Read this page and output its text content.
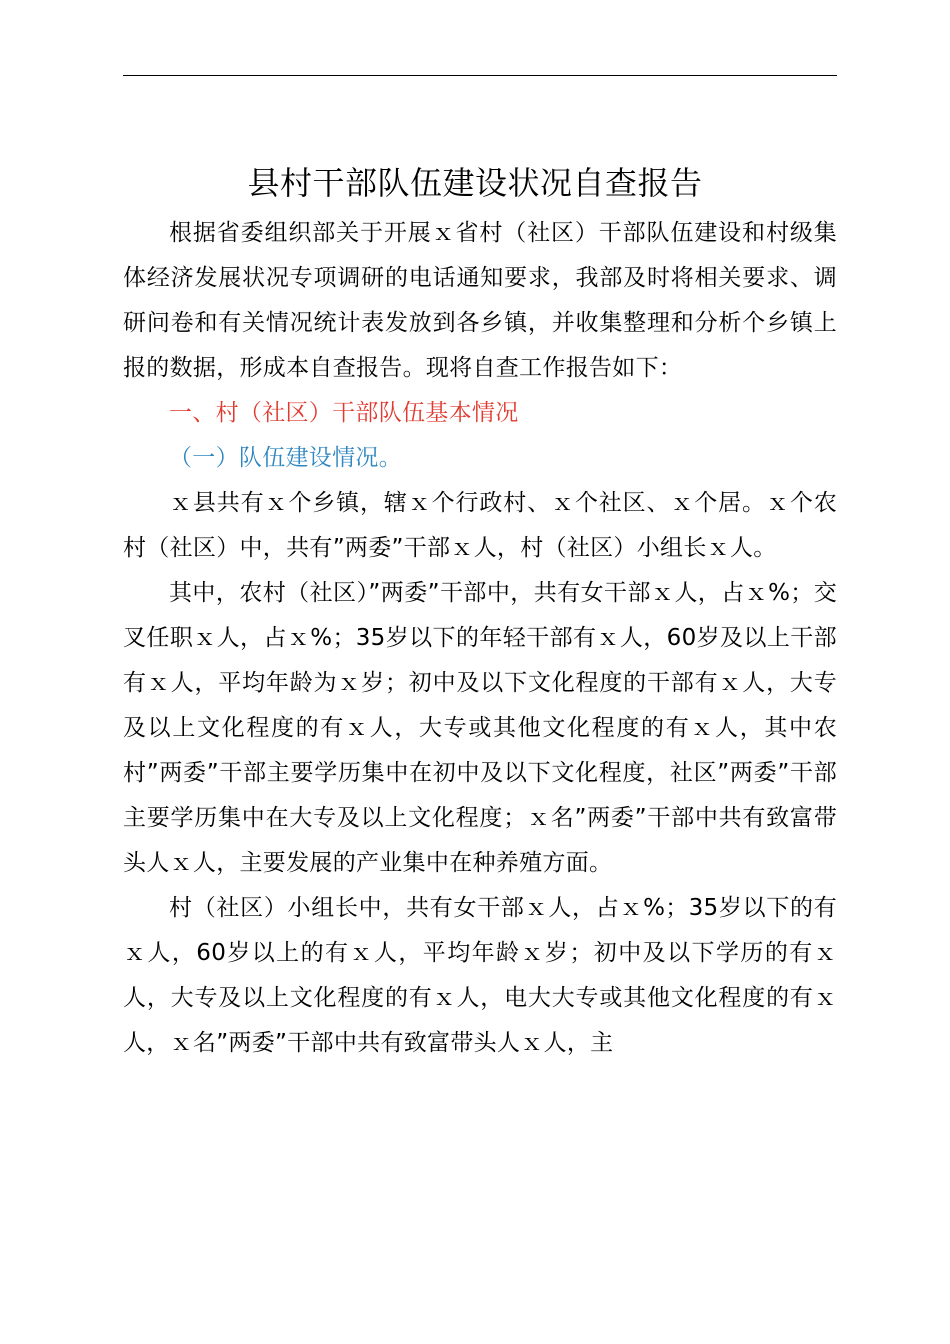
县村干部队伍建设状况自查报告

根据省委组织部关于开展ｘ省村（社区）干部队伍建设和村级集体经济发展状况专项调研的电话通知要求，我部及时将相关要求、调研问卷和有关情况统计表发放到各乡镇，并收集整理和分析个乡镇上报的数据，形成本自查报告。现将自查工作报告如下：

一、村（社区）干部队伍基本情况

（一）队伍建设情况。

ｘ县共有ｘ个乡镇，辖ｘ个行政村、ｘ个社区、ｘ个居。ｘ个农村（社区）中，共有”两委”干部ｘ人，村（社区）小组长ｘ人。

其中，农村（社区）”两委”干部中，共有女干部ｘ人，占ｘ%；交叉任职ｘ人，占ｘ%；35岁以下的年轻干部有ｘ人，60岁及以上干部有ｘ人，平均年龄为ｘ岁；初中及以下文化程度的干部有ｘ人，大专及以上文化程度的有ｘ人，大专或其他文化程度的有ｘ人，其中农村”两委”干部主要学历集中在初中及以下文化程度，社区”两委”干部主要学历集中在大专及以上文化程度；ｘ名”两委”干部中共有致富带头人ｘ人，主要发展的产业集中在种养殖方面。

村（社区）小组长中，共有女干部ｘ人，占ｘ%；35岁以下的有ｘ人，60岁以上的有ｘ人，平均年龄ｘ岁；初中及以下学历的有ｘ人，大专及以上文化程度的有ｘ人，电大大专或其他文化程度的有ｘ人，ｘ名”两委”干部中共有致富带头人ｘ人，主
